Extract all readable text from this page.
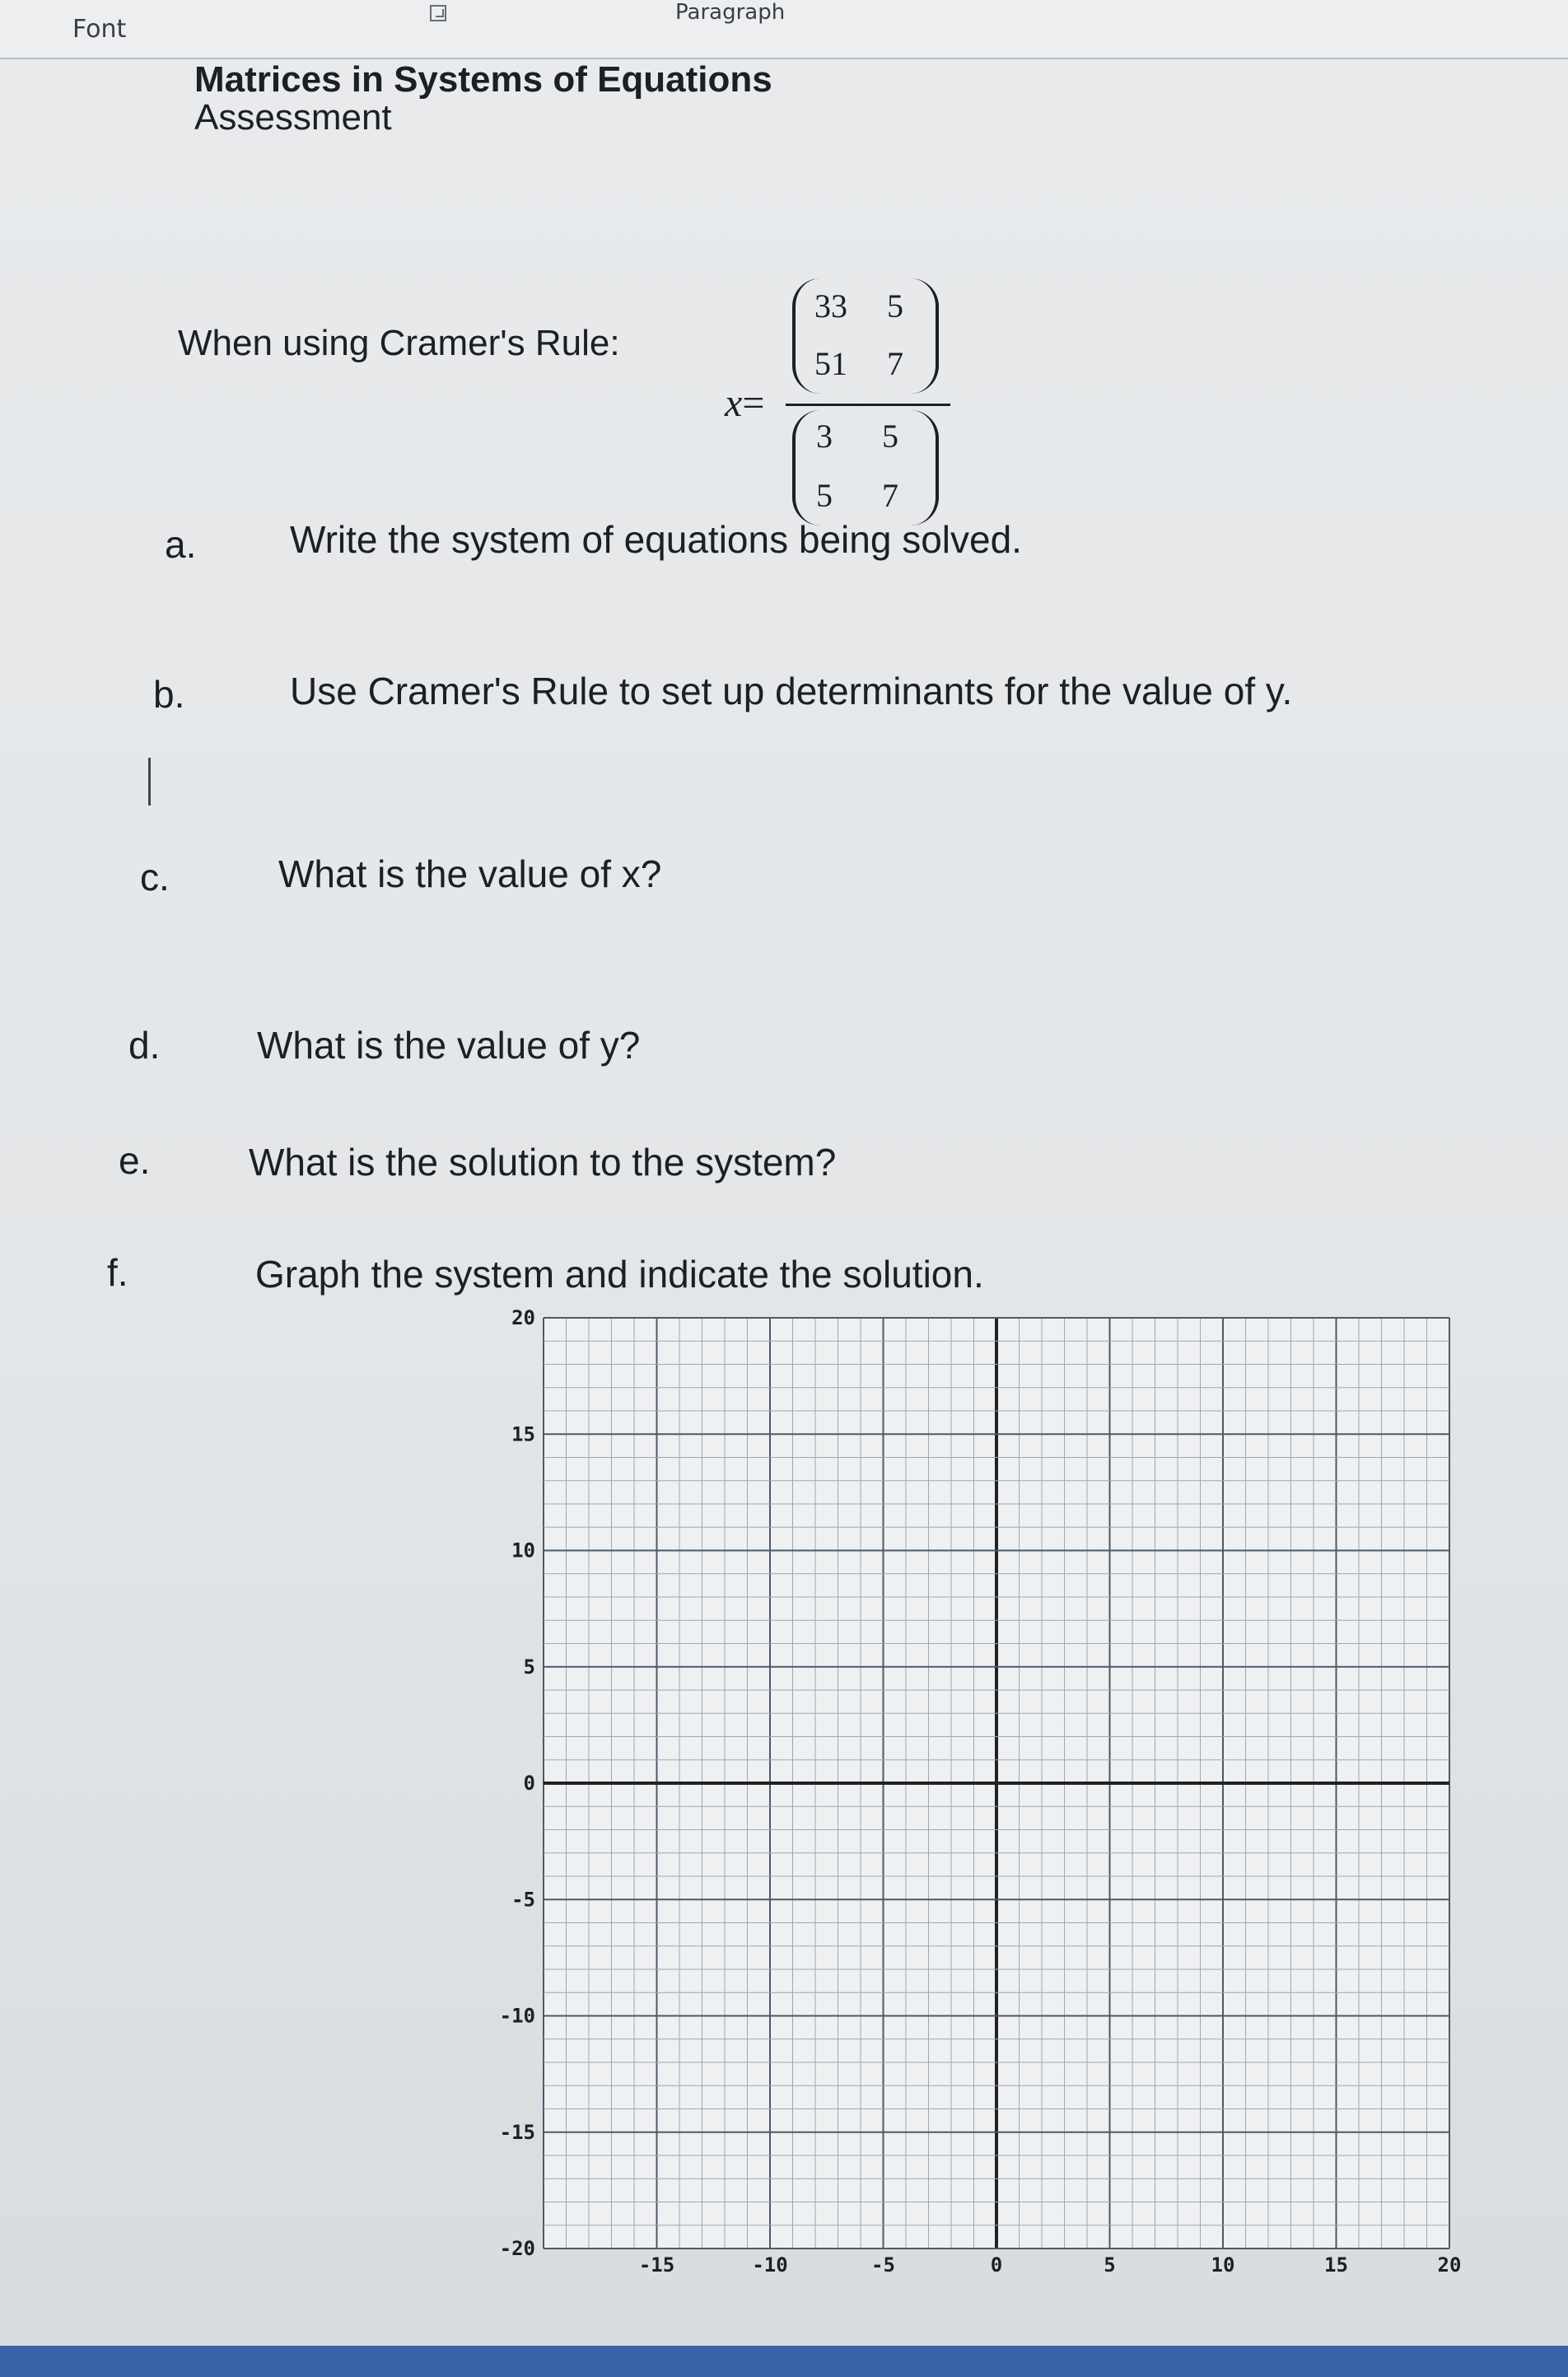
Font
Paragraph
Matrices in Systems of Equations
Assessment
When using Cramer's Rule:
x=
33	5
51	7
3	5
5	7
a. Write the system of equations being solved.
b.	Use Cramer's Rule to set up determinants for the value of y.
c.	What is the value of x?
d.	What is the value of y?
e.	What is the solution to the system?
f.	Graph the system and indicate the solution.
20
15
10
5
0
-5
-10
-15
-20
-15	-10	-5	0	5	10	15	20
